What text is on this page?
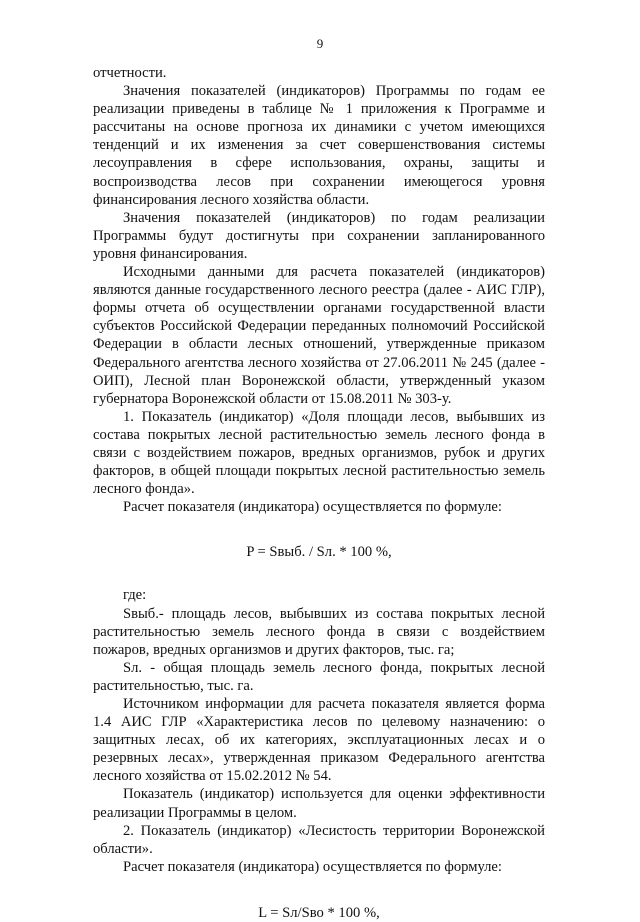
9

отчетности.

Значения показателей (индикаторов) Программы по годам ее реализации приведены в таблице № 1 приложения к Программе и рассчитаны на основе прогноза их динамики с учетом имеющихся тенденций и их изменения за счет совершенствования системы лесоуправления в сфере использования, охраны, защиты и воспроизводства лесов при сохранении имеющегося уровня финансирования лесного хозяйства области.

Значения показателей (индикаторов) по годам реализации Программы будут достигнуты при сохранении запланированного уровня финансирования.

Исходными данными для расчета показателей (индикаторов) являются данные государственного лесного реестра (далее - АИС ГЛР), формы отчета об осуществлении органами государственной власти субъектов Российской Федерации переданных полномочий Российской Федерации в области лесных отношений, утвержденные приказом Федерального агентства лесного хозяйства от 27.06.2011 № 245 (далее - ОИП), Лесной план Воронежской области, утвержденный указом губернатора Воронежской области от 15.08.2011 № 303-у.

1. Показатель (индикатор) «Доля площади лесов, выбывших из состава покрытых лесной растительностью земель лесного фонда в связи с воздействием пожаров, вредных организмов, рубок и других факторов, в общей площади покрытых лесной растительностью земель лесного фонда».

Расчет показателя (индикатора) осуществляется по формуле:

P = Sвыб. / Sл. * 100 %,

где:

Sвыб.- площадь лесов, выбывших из состава покрытых лесной растительностью земель лесного фонда в связи с воздействием пожаров, вредных организмов и других факторов, тыс. га;

Sл. - общая площадь земель лесного фонда, покрытых лесной растительностью, тыс. га.

Источником информации для расчета показателя является форма 1.4 АИС ГЛР «Характеристика лесов по целевому назначению: о защитных лесах, об их категориях, эксплуатационных лесах и о резервных лесах», утвержденная приказом Федерального агентства лесного хозяйства от 15.02.2012 № 54.

Показатель (индикатор) используется для оценки эффективности реализации Программы в целом.

2. Показатель (индикатор) «Лесистость территории Воронежской области».

Расчет показателя (индикатора) осуществляется по формуле:

L = Sл/Sво * 100 %,
